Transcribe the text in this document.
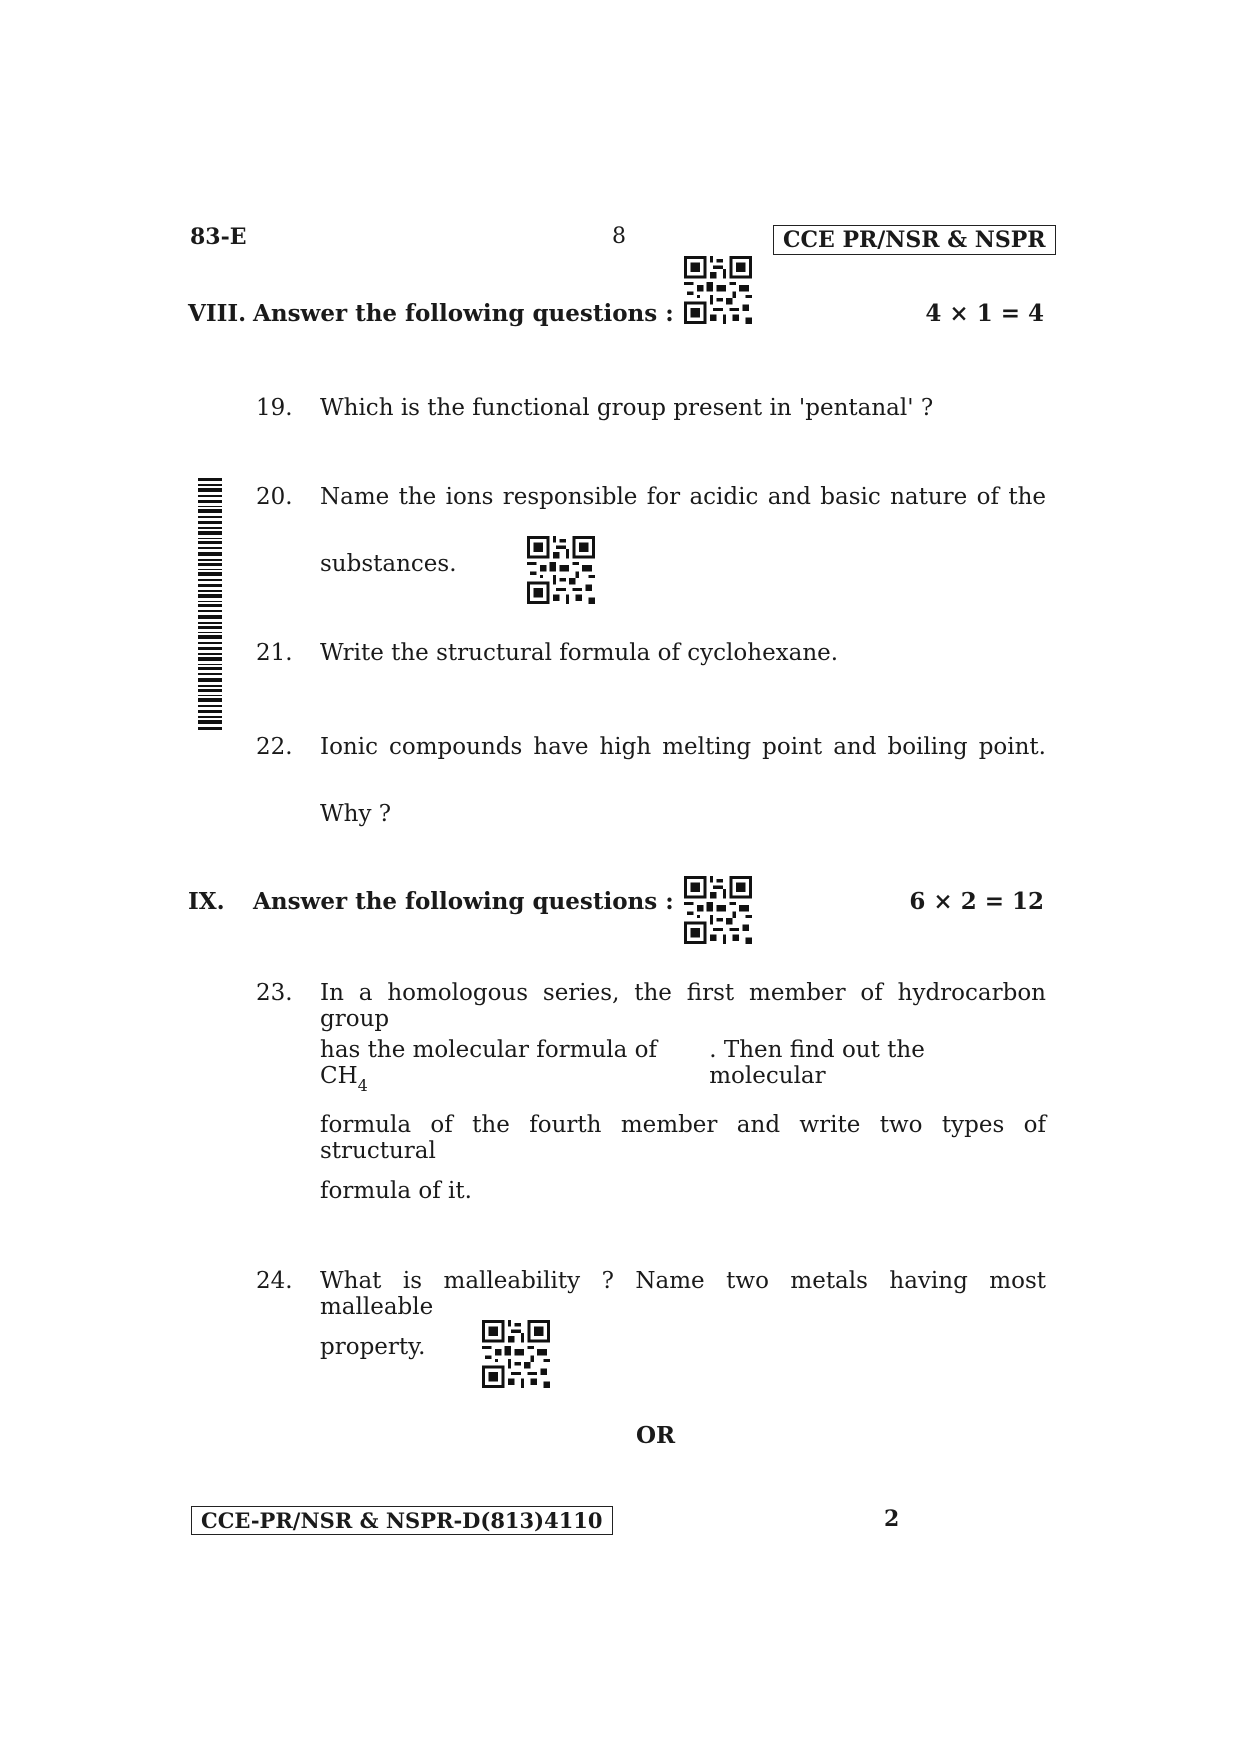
83-E	8	CCE PR/NSR & NSPR
VIII. Answer the following questions :	4 × 1 = 4
19. Which is the functional group present in 'pentanal' ?
20. Name the ions responsible for acidic and basic nature of the
substances.
21. Write the structural formula of cyclohexane.
22. Ionic compounds have high melting point and boiling point.
Why ?
IX. Answer the following questions :	6 × 2 = 12
23. In a homologous series, the first member of hydrocarbon group
has the molecular formula of $CH_4$
. Then find out the molecular
formula of the fourth member and write two types of structural
formula of it.
24. What is malleability ? Name two metals having most malleable
property.
OR
CCE-PR/NSR & NSPR-D(813)4110	2
